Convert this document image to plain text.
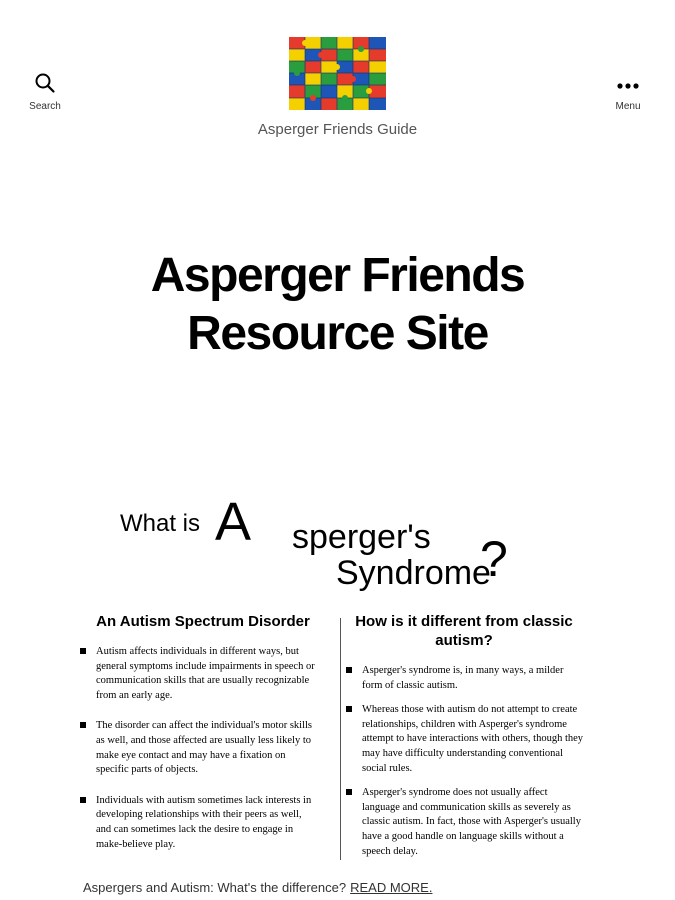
Search
Asperger Friends Guide
Menu
Asperger Friends Resource Site
What is A sperger's
Syndrome
?
An Autism Spectrum Disorder
Autism affects individuals in different ways, but general symptoms include impairments in speech or communication skills that are usually recognizable from an early age.
The disorder can affect the individual's motor skills as well, and those affected are usually less likely to make eye contact and may have a fixation on specific parts of objects.
Individuals with autism sometimes lack interests in developing relationships with their peers as well, and can sometimes lack the desire to engage in make-believe play.
How is it different from classic autism?
Asperger's syndrome is, in many ways, a milder form of classic autism.
Whereas those with autism do not attempt to create relationships, children with Asperger's syndrome attempt to have interactions with others, though they may have difficulty understanding conventional social rules.
Asperger's syndrome does not usually affect language and communication skills as severely as classic autism. In fact, those with Asperger's usually have a good handle on language skills without a speech delay.
Aspergers and Autism: What's the difference? READ MORE.
